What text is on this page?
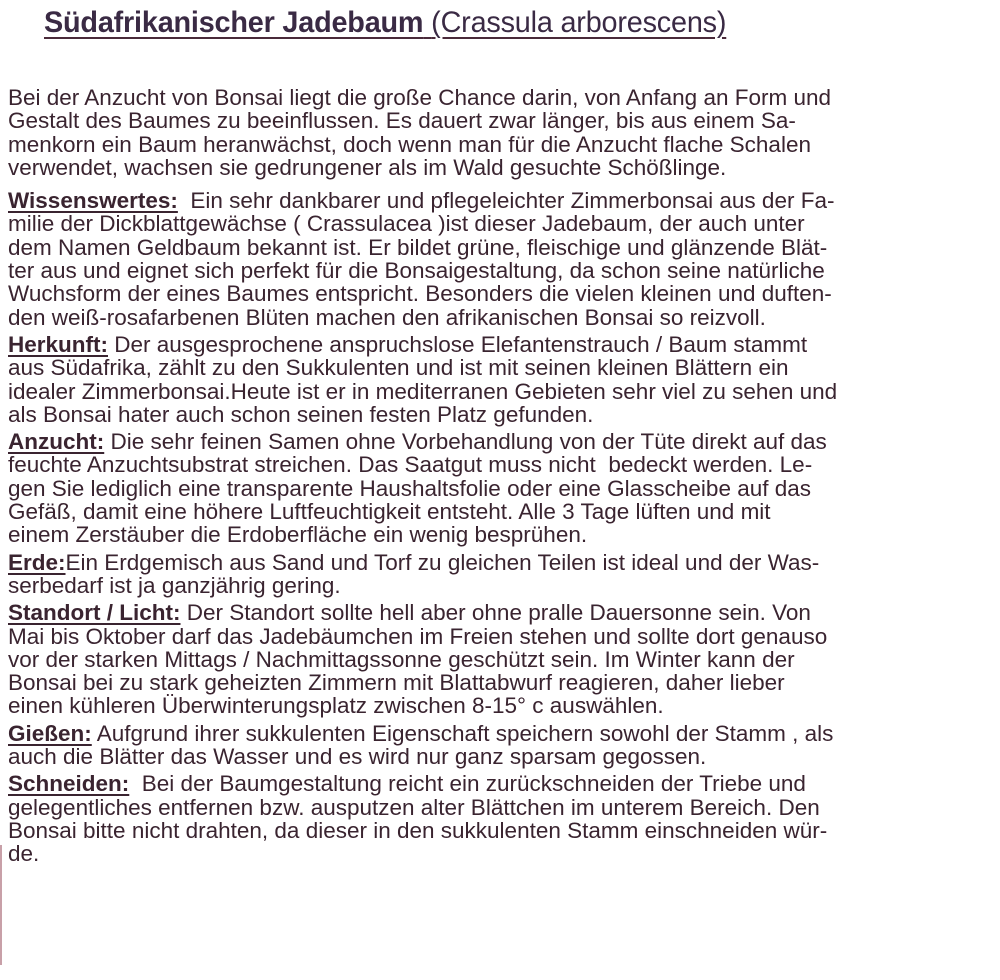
Südafrikanischer Jadebaum (Crassula arborescens)

Bei der Anzucht von Bonsai liegt die große Chance darin, von Anfang an Form und
Gestalt des Baumes zu beeinflussen. Es dauert zwar länger, bis aus einem Sa-
menkorn ein Baum heranwächst, doch wenn man für die Anzucht flache Schalen
verwendet, wachsen sie gedrungener als im Wald gesuchte Schößlinge.

Wissenswertes:  Ein sehr dankbarer und pflegeleichter Zimmerbonsai aus der Fa-
milie der Dickblattgewächse ( Crassulacea )ist dieser Jadebaum, der auch unter
dem Namen Geldbaum bekannt ist. Er bildet grüne, fleischige und glänzende Blät-
ter aus und eignet sich perfekt für die Bonsaigestaltung, da schon seine natürliche
Wuchsform der eines Baumes entspricht. Besonders die vielen kleinen und duften-
den weiß-rosafarbenen Blüten machen den afrikanischen Bonsai so reizvoll.

Herkunft: Der ausgesprochene anspruchslose Elefantenstrauch / Baum stammt
aus Südafrika, zählt zu den Sukkulenten und ist mit seinen kleinen Blättern ein
idealer Zimmerbonsai.Heute ist er in mediterranen Gebieten sehr viel zu sehen und
als Bonsai hater auch schon seinen festen Platz gefunden.

Anzucht: Die sehr feinen Samen ohne Vorbehandlung von der Tüte direkt auf das
feuchte Anzuchtsubstrat streichen. Das Saatgut muss nicht  bedeckt werden. Le-
gen Sie lediglich eine transparente Haushaltsfolie oder eine Glasscheibe auf das
Gefäß, damit eine höhere Luftfeuchtigkeit entsteht. Alle 3 Tage lüften und mit
einem Zerstäuber die Erdoberfläche ein wenig besprühen.

Erde:Ein Erdgemisch aus Sand und Torf zu gleichen Teilen ist ideal und der Was-
serbedarf ist ja ganzjährig gering.

Standort / Licht: Der Standort sollte hell aber ohne pralle Dauersonne sein. Von
Mai bis Oktober darf das Jadebäumchen im Freien stehen und sollte dort genauso
vor der starken Mittags / Nachmittagssonne geschützt sein. Im Winter kann der
Bonsai bei zu stark geheizten Zimmern mit Blattabwurf reagieren, daher lieber
einen kühleren Überwinterungsplatz zwischen 8-15° c auswählen.

Gießen: Aufgrund ihrer sukkulenten Eigenschaft speichern sowohl der Stamm , als
auch die Blätter das Wasser und es wird nur ganz sparsam gegossen.

Schneiden:  Bei der Baumgestaltung reicht ein zurückschneiden der Triebe und
gelegentliches entfernen bzw. ausputzen alter Blättchen im unterem Bereich. Den
Bonsai bitte nicht drahten, da dieser in den sukkulenten Stamm einschneiden wür-
de.
